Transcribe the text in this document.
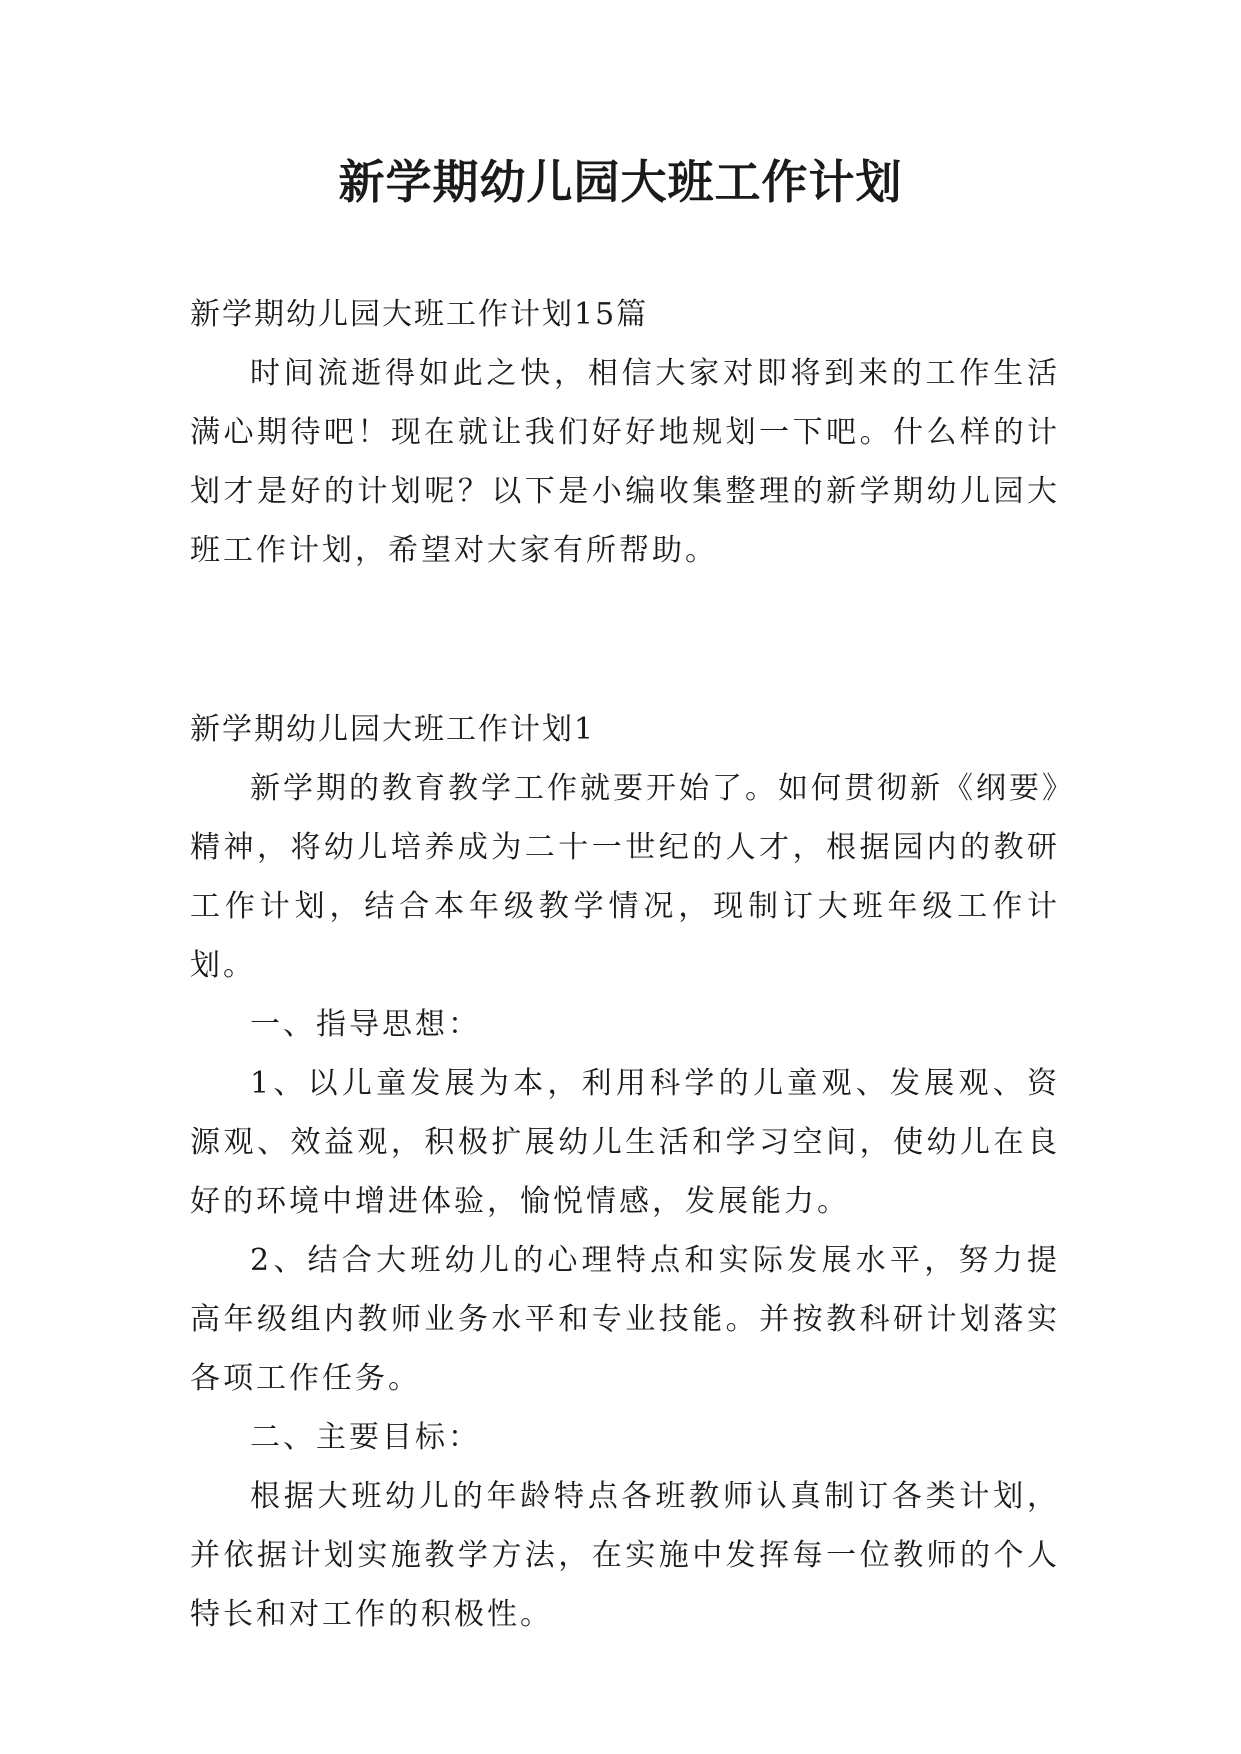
新学期幼儿园大班工作计划

新学期幼儿园大班工作计划15篇

时间流逝得如此之快，相信大家对即将到来的工作生活满心期待吧！现在就让我们好好地规划一下吧。什么样的计划才是好的计划呢？以下是小编收集整理的新学期幼儿园大班工作计划，希望对大家有所帮助。

新学期幼儿园大班工作计划1

新学期的教育教学工作就要开始了。如何贯彻新《纲要》精神，将幼儿培养成为二十一世纪的人才，根据园内的教研工作计划，结合本年级教学情况，现制订大班年级工作计划。

一、指导思想：

1、以儿童发展为本，利用科学的儿童观、发展观、资源观、效益观，积极扩展幼儿生活和学习空间，使幼儿在良好的环境中增进体验，愉悦情感，发展能力。

2、结合大班幼儿的心理特点和实际发展水平，努力提高年级组内教师业务水平和专业技能。并按教科研计划落实各项工作任务。

二、主要目标：

根据大班幼儿的年龄特点各班教师认真制订各类计划，并依据计划实施教学方法，在实施中发挥每一位教师的个人特长和对工作的积极性。
